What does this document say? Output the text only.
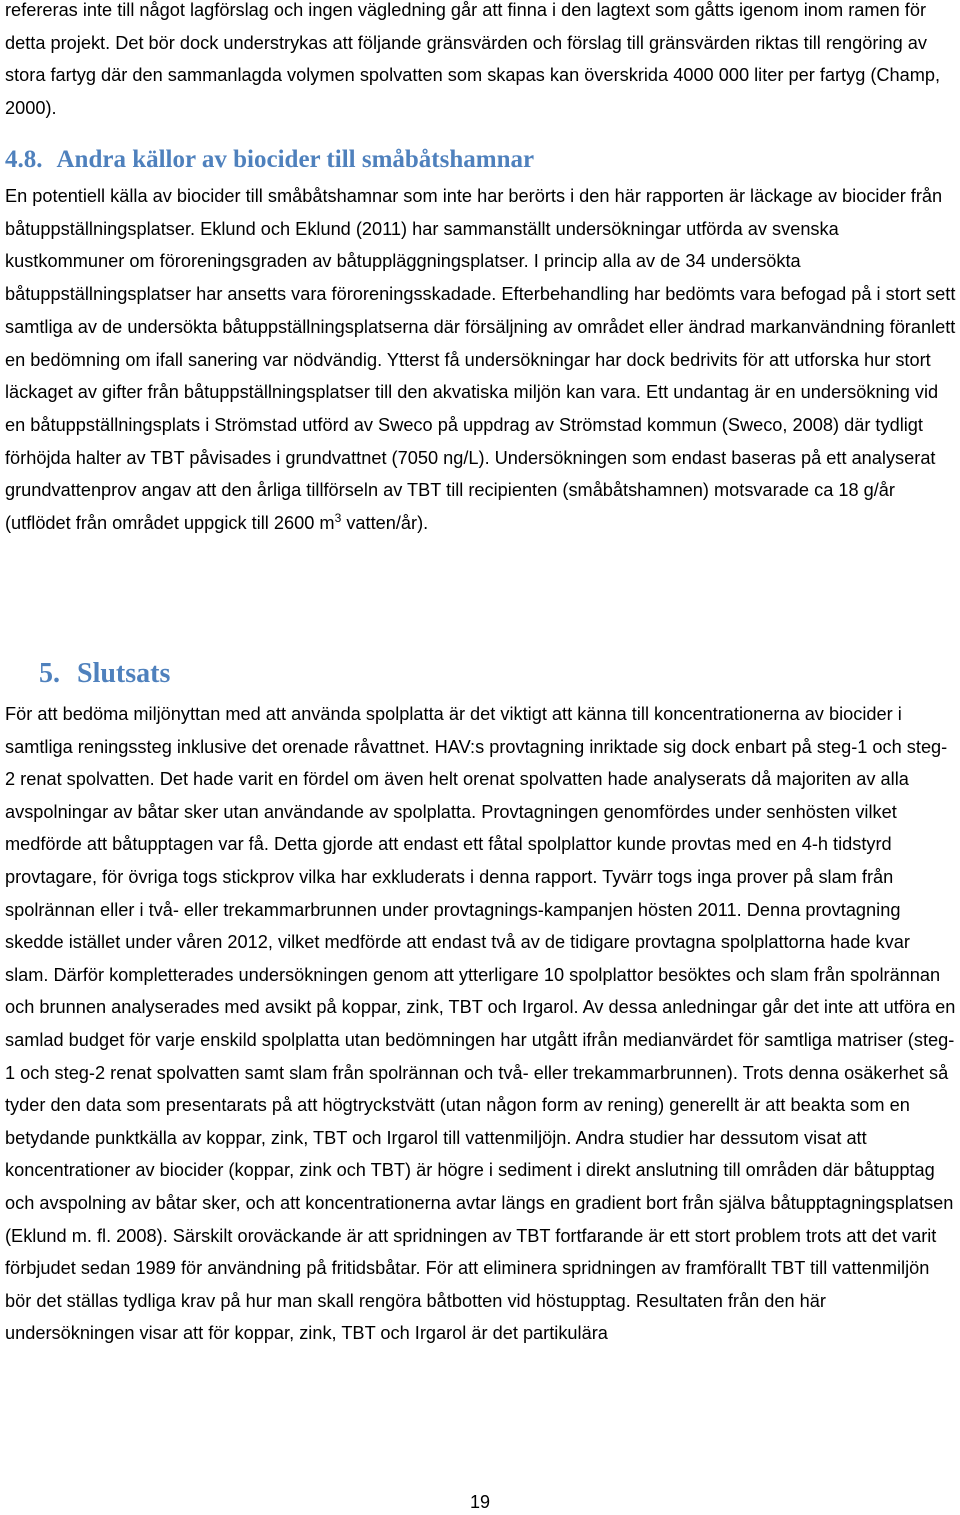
refereras inte till något lagförslag och ingen vägledning går att finna i den lagtext som gåtts igenom inom ramen för detta projekt. Det bör dock understrykas att följande gränsvärden och förslag till gränsvärden riktas till rengöring av stora fartyg där den sammanlagda volymen spolvatten som skapas kan överskrida 4000 000 liter per fartyg (Champ, 2000).

4.8. Andra källor av biocider till småbåtshamnar

En potentiell källa av biocider till småbåtshamnar som inte har berörts i den här rapporten är läckage av biocider från båtuppställningsplatser. Eklund och Eklund (2011) har sammanställt undersökningar utförda av svenska kustkommuner om föroreningsgraden av båtuppläggningsplatser. I princip alla av de 34 undersökta båtuppställningsplatser har ansetts vara föroreningsskadade. Efterbehandling har bedömts vara befogad på i stort sett samtliga av de undersökta båtuppställningsplatserna där försäljning av området eller ändrad markanvändning föranlett en bedömning om ifall sanering var nödvändig. Ytterst få undersökningar har dock bedrivits för att utforska hur stort läckaget av gifter från båtuppställningsplatser till den akvatiska miljön kan vara. Ett undantag är en undersökning vid en båtuppställningsplats i Strömstad utförd av Sweco på uppdrag av Strömstad kommun (Sweco, 2008) där tydligt förhöjda halter av TBT påvisades i grundvattnet (7050 ng/L). Undersökningen som endast baseras på ett analyserat grundvattenprov angav att den årliga tillförseln av TBT till recipienten (småbåtshamnen) motsvarade ca 18 g/år (utflödet från området uppgick till 2600 $m^3$ vatten/år).

5. Slutsats

För att bedöma miljönyttan med att använda spolplatta är det viktigt att känna till koncentrationerna av biocider i samtliga reningssteg inklusive det orenade råvattnet. HAV:s provtagning inriktade sig dock enbart på steg-1 och steg-2 renat spolvatten. Det hade varit en fördel om även helt orenat spolvatten hade analyserats då majoriten av alla avspolningar av båtar sker utan användande av spolplatta. Provtagningen genomfördes under senhösten vilket medförde att båtupptagen var få. Detta gjorde att endast ett fåtal spolplattor kunde provtas med en 4-h tidstyrd provtagare, för övriga togs stickprov vilka har exkluderats i denna rapport. Tyvärr togs inga prover på slam från spolrännan eller i två- eller trekammarbrunnen under provtagnings-kampanjen hösten 2011. Denna provtagning skedde istället under våren 2012, vilket medförde att endast två av de tidigare provtagna spolplattorna hade kvar slam. Därför kompletterades undersökningen genom att ytterligare 10 spolplattor besöktes och slam från spolrännan och brunnen analyserades med avsikt på koppar, zink, TBT och Irgarol. Av dessa anledningar går det inte att utföra en samlad budget för varje enskild spolplatta utan bedömningen har utgått ifrån medianvärdet för samtliga matriser (steg-1 och steg-2 renat spolvatten samt slam från spolrännan och två- eller trekammarbrunnen). Trots denna osäkerhet så tyder den data som presentarats på att högtryckstvätt (utan någon form av rening) generellt är att beakta som en betydande punktkälla av koppar, zink, TBT och Irgarol till vattenmiljöjn. Andra studier har dessutom visat att koncentrationer av biocider (koppar, zink och TBT) är högre i sediment i direkt anslutning till områden där båtupptag och avspolning av båtar sker, och att koncentrationerna avtar längs en gradient bort från själva båtupptagningsplatsen (Eklund m. fl. 2008). Särskilt oroväckande är att spridningen av TBT fortfarande är ett stort problem trots att det varit förbjudet sedan 1989 för användning på fritidsbåtar. För att eliminera spridningen av framförallt TBT till vattenmiljön bör det ställas tydliga krav på hur man skall rengöra båtbotten vid höstupptag. Resultaten från den här undersökningen visar att för koppar, zink, TBT och Irgarol är det partikulära

19
